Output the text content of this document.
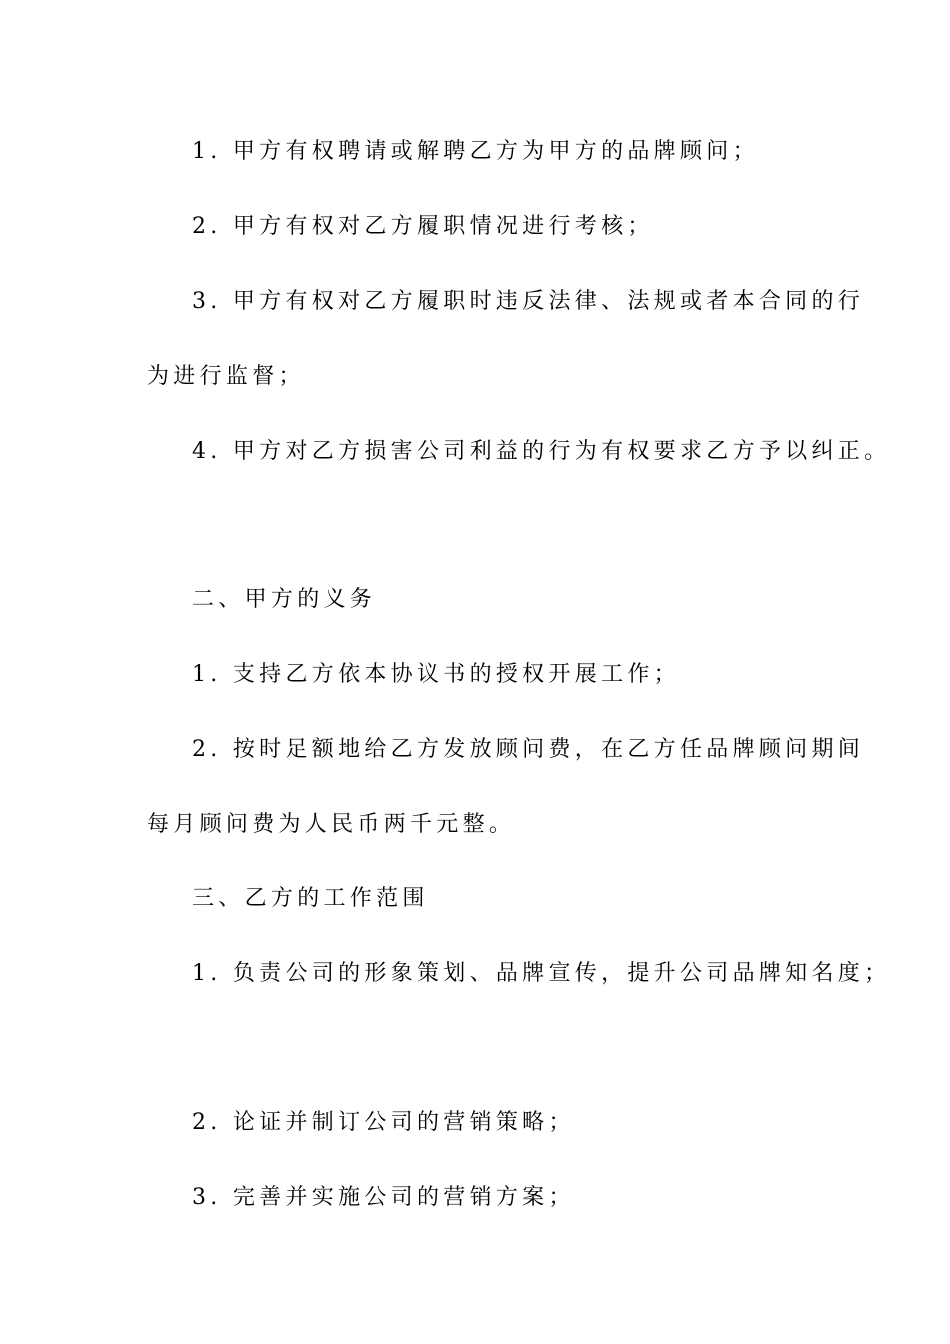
1. 甲方有权聘请或解聘乙方为甲方的品牌顾问；
2. 甲方有权对乙方履职情况进行考核；
3. 甲方有权对乙方履职时违反法律、法规或者本合同的行
为进行监督；
4. 甲方对乙方损害公司利益的行为有权要求乙方予以纠正。
二、甲方的义务
1. 支持乙方依本协议书的授权开展工作；
2. 按时足额地给乙方发放顾问费，在乙方任品牌顾问期间
每月顾问费为人民币两千元整。
三、乙方的工作范围
1. 负责公司的形象策划、品牌宣传，提升公司品牌知名度；
2. 论证并制订公司的营销策略；
3. 完善并实施公司的营销方案；
